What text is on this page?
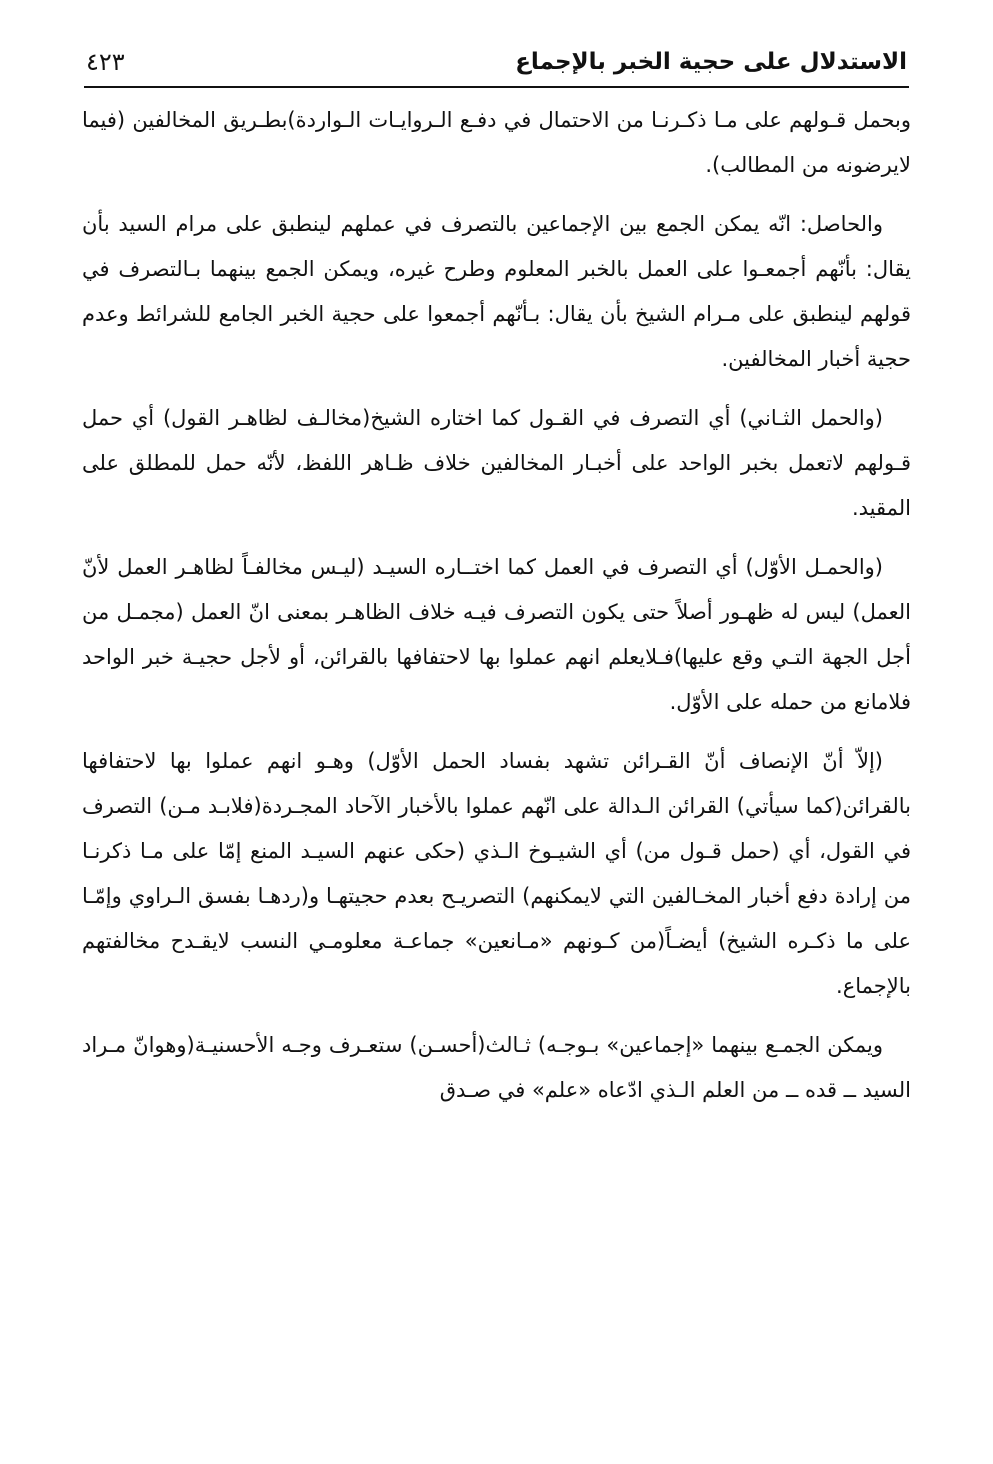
الاستدلال على حجية الخبر بالإجماع
٤٢٣

وبحمل قـولهم على مـا ذكـرنـا من الاحتمال في دفـع الـروايـات الـواردة)بطـريق المخالفين (فيما لايرضونه من المطالب).

والحاصل: انّه يمكن الجمع بين الإجماعين بالتصرف في عملهم لينطبق على مرام السيد بأن يقال: بأنّهم أجمعـوا على العمل بالخبر المعلوم وطرح غيره، ويمكن الجمع بينهما بـالتصرف في قولهم لينطبق على مـرام الشيخ بأن يقال: بـأنّهم أجمعوا على حجية الخبر الجامع للشرائط وعدم حجية أخبار المخالفين.

(والحمل الثـاني) أي التصرف في القـول كما اختاره الشيخ(مخالـف لظاهـر القول) أي حمل قـولهم لاتعمل بخبر الواحد على أخبـار المخالفين خلاف ظـاهر اللفظ، لأنّه حمل للمطلق على المقيد.

(والحمـل الأوّل) أي التصرف في العمل كما اختــاره السيـد (ليـس مخالفـاً لظاهـر العمل لأنّ العمل) ليس له ظهـور أصلاً حتى يكون التصرف فيـه خلاف الظاهـر بمعنى انّ العمل (مجمـل من أجل الجهة التـي وقع عليها)فـلايعلم انهم عملوا بها لاحتفافها بالقرائن، أو لأجل حجيـة خبر الواحد فلامانع من حمله على الأوّل.

(إلاّ أنّ الإنصاف أنّ القـرائن تشهد بفساد الحمل الأوّل) وهـو انهم عملوا بها لاحتفافها بالقرائن(كما سيأتي) القرائن الـدالة على انّهم عملوا بالأخبار الآحاد المجـردة(فلابـد مـن) التصرف في القول، أي (حمل قـول من) أي الشيـوخ الـذي (حكى عنهم السيـد المنع إمّا على مـا ذكرنـا من إرادة دفع أخبار المخـالفين التي لايمكنهم) التصريـح بعدم حجيتهـا و(ردهـا بفسق الـراوي وإمّـا على ما ذكـره الشيخ) أيضـاً(من كـونهم «مـانعين» جماعـة معلومـي النسب لايقـدح مخالفتهم بالإجماع.

ويمكن الجمـع بينهما «إجماعين» بـوجـه) ثـالث(أحسـن) ستعـرف وجـه الأحسنيـة(وهوانّ مـراد السيد ــ قده ــ من العلم الـذي ادّعاه «علم» في صـدق
